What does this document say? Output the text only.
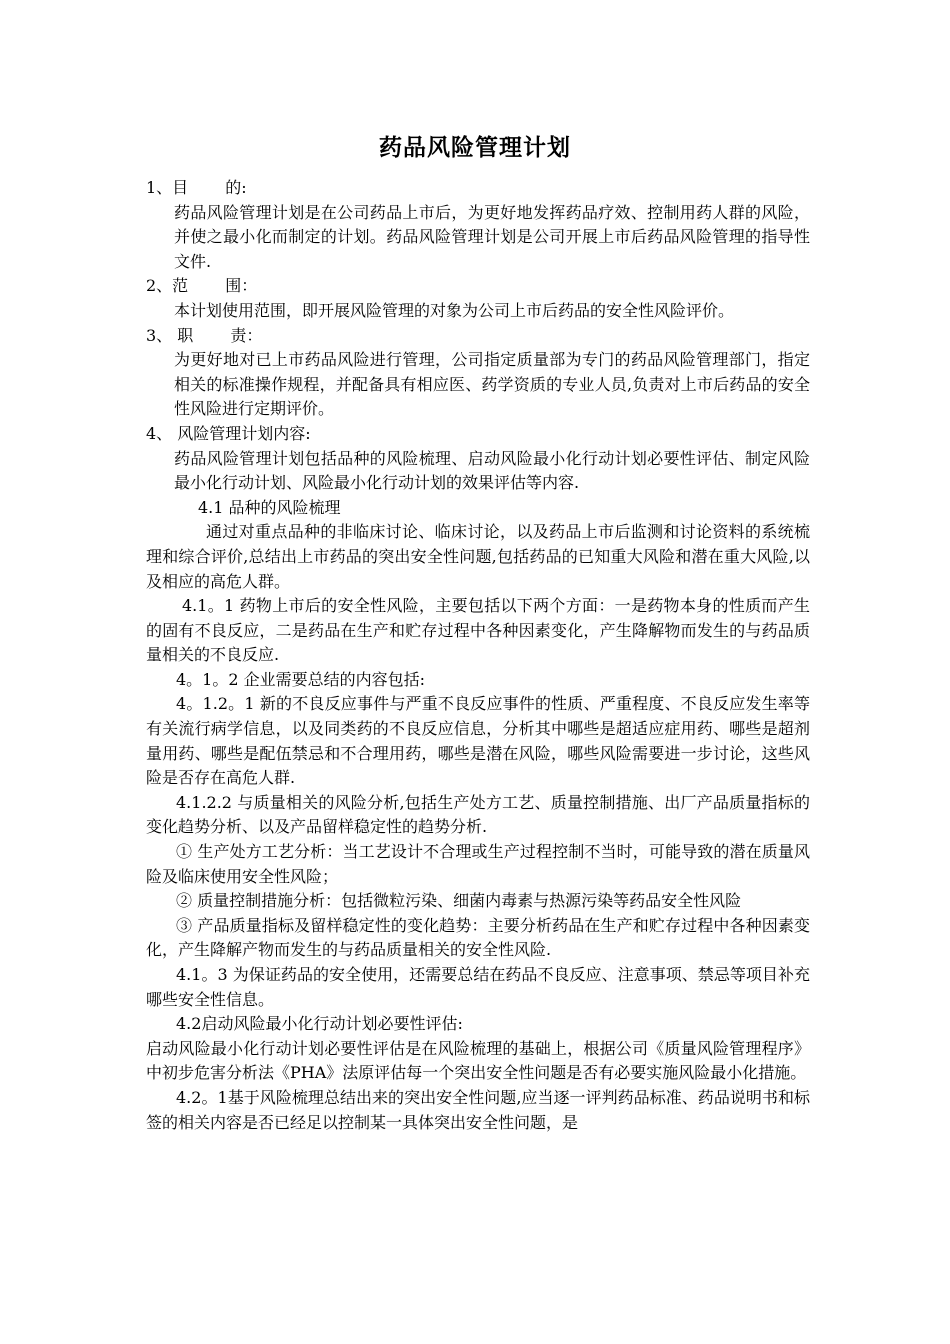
药品风险管理计划

1、目　　 的:

药品风险管理计划是在公司药品上市后，为更好地发挥药品疗效、控制用药人群的风险，并使之最小化而制定的计划。药品风险管理计划是公司开展上市后药品风险管理的指导性文件.

2、范　　 围：

本计划使用范围，即开展风险管理的对象为公司上市后药品的安全性风险评价。

3、 职　　 责：

为更好地对已上市药品风险进行管理，公司指定质量部为专门的药品风险管理部门，指定相关的标准操作规程，并配备具有相应医、药学资质的专业人员,负责对上市后药品的安全性风险进行定期评价。

4、 风险管理计划内容:

药品风险管理计划包括品种的风险梳理、启动风险最小化行动计划必要性评估、制定风险最小化行动计划、风险最小化行动计划的效果评估等内容.

4.1 品种的风险梳理

通过对重点品种的非临床讨论、临床讨论，以及药品上市后监测和讨论资料的系统梳理和综合评价,总结出上市药品的突出安全性问题,包括药品的已知重大风险和潜在重大风险,以及相应的高危人群。

4.1。1 药物上市后的安全性风险，主要包括以下两个方面：一是药物本身的性质而产生的固有不良反应，二是药品在生产和贮存过程中各种因素变化，产生降解物而发生的与药品质量相关的不良反应.

4。1。2 企业需要总结的内容包括:

4。1.2。1 新的不良反应事件与严重不良反应事件的性质、严重程度、不良反应发生率等有关流行病学信息，以及同类药的不良反应信息，分析其中哪些是超适应症用药、哪些是超剂量用药、哪些是配伍禁忌和不合理用药，哪些是潜在风险，哪些风险需要进一步讨论，这些风险是否存在高危人群.

4.1.2.2 与质量相关的风险分析,包括生产处方工艺、质量控制措施、出厂产品质量指标的变化趋势分析、以及产品留样稳定性的趋势分析.

① 生产处方工艺分析：当工艺设计不合理或生产过程控制不当时，可能导致的潜在质量风险及临床使用安全性风险；

② 质量控制措施分析：包括微粒污染、细菌内毒素与热源污染等药品安全性风险

③ 产品质量指标及留样稳定性的变化趋势：主要分析药品在生产和贮存过程中各种因素变化，产生降解产物而发生的与药品质量相关的安全性风险.

4.1。3 为保证药品的安全使用，还需要总结在药品不良反应、注意事项、禁忌等项目补充哪些安全性信息。

4.2启动风险最小化行动计划必要性评估:

启动风险最小化行动计划必要性评估是在风险梳理的基础上，根据公司《质量风险管理程序》中初步危害分析法《PHA》法原评估每一个突出安全性问题是否有必要实施风险最小化措施。

4.2。1基于风险梳理总结出来的突出安全性问题,应当逐一评判药品标准、药品说明书和标签的相关内容是否已经足以控制某一具体突出安全性问题，是
